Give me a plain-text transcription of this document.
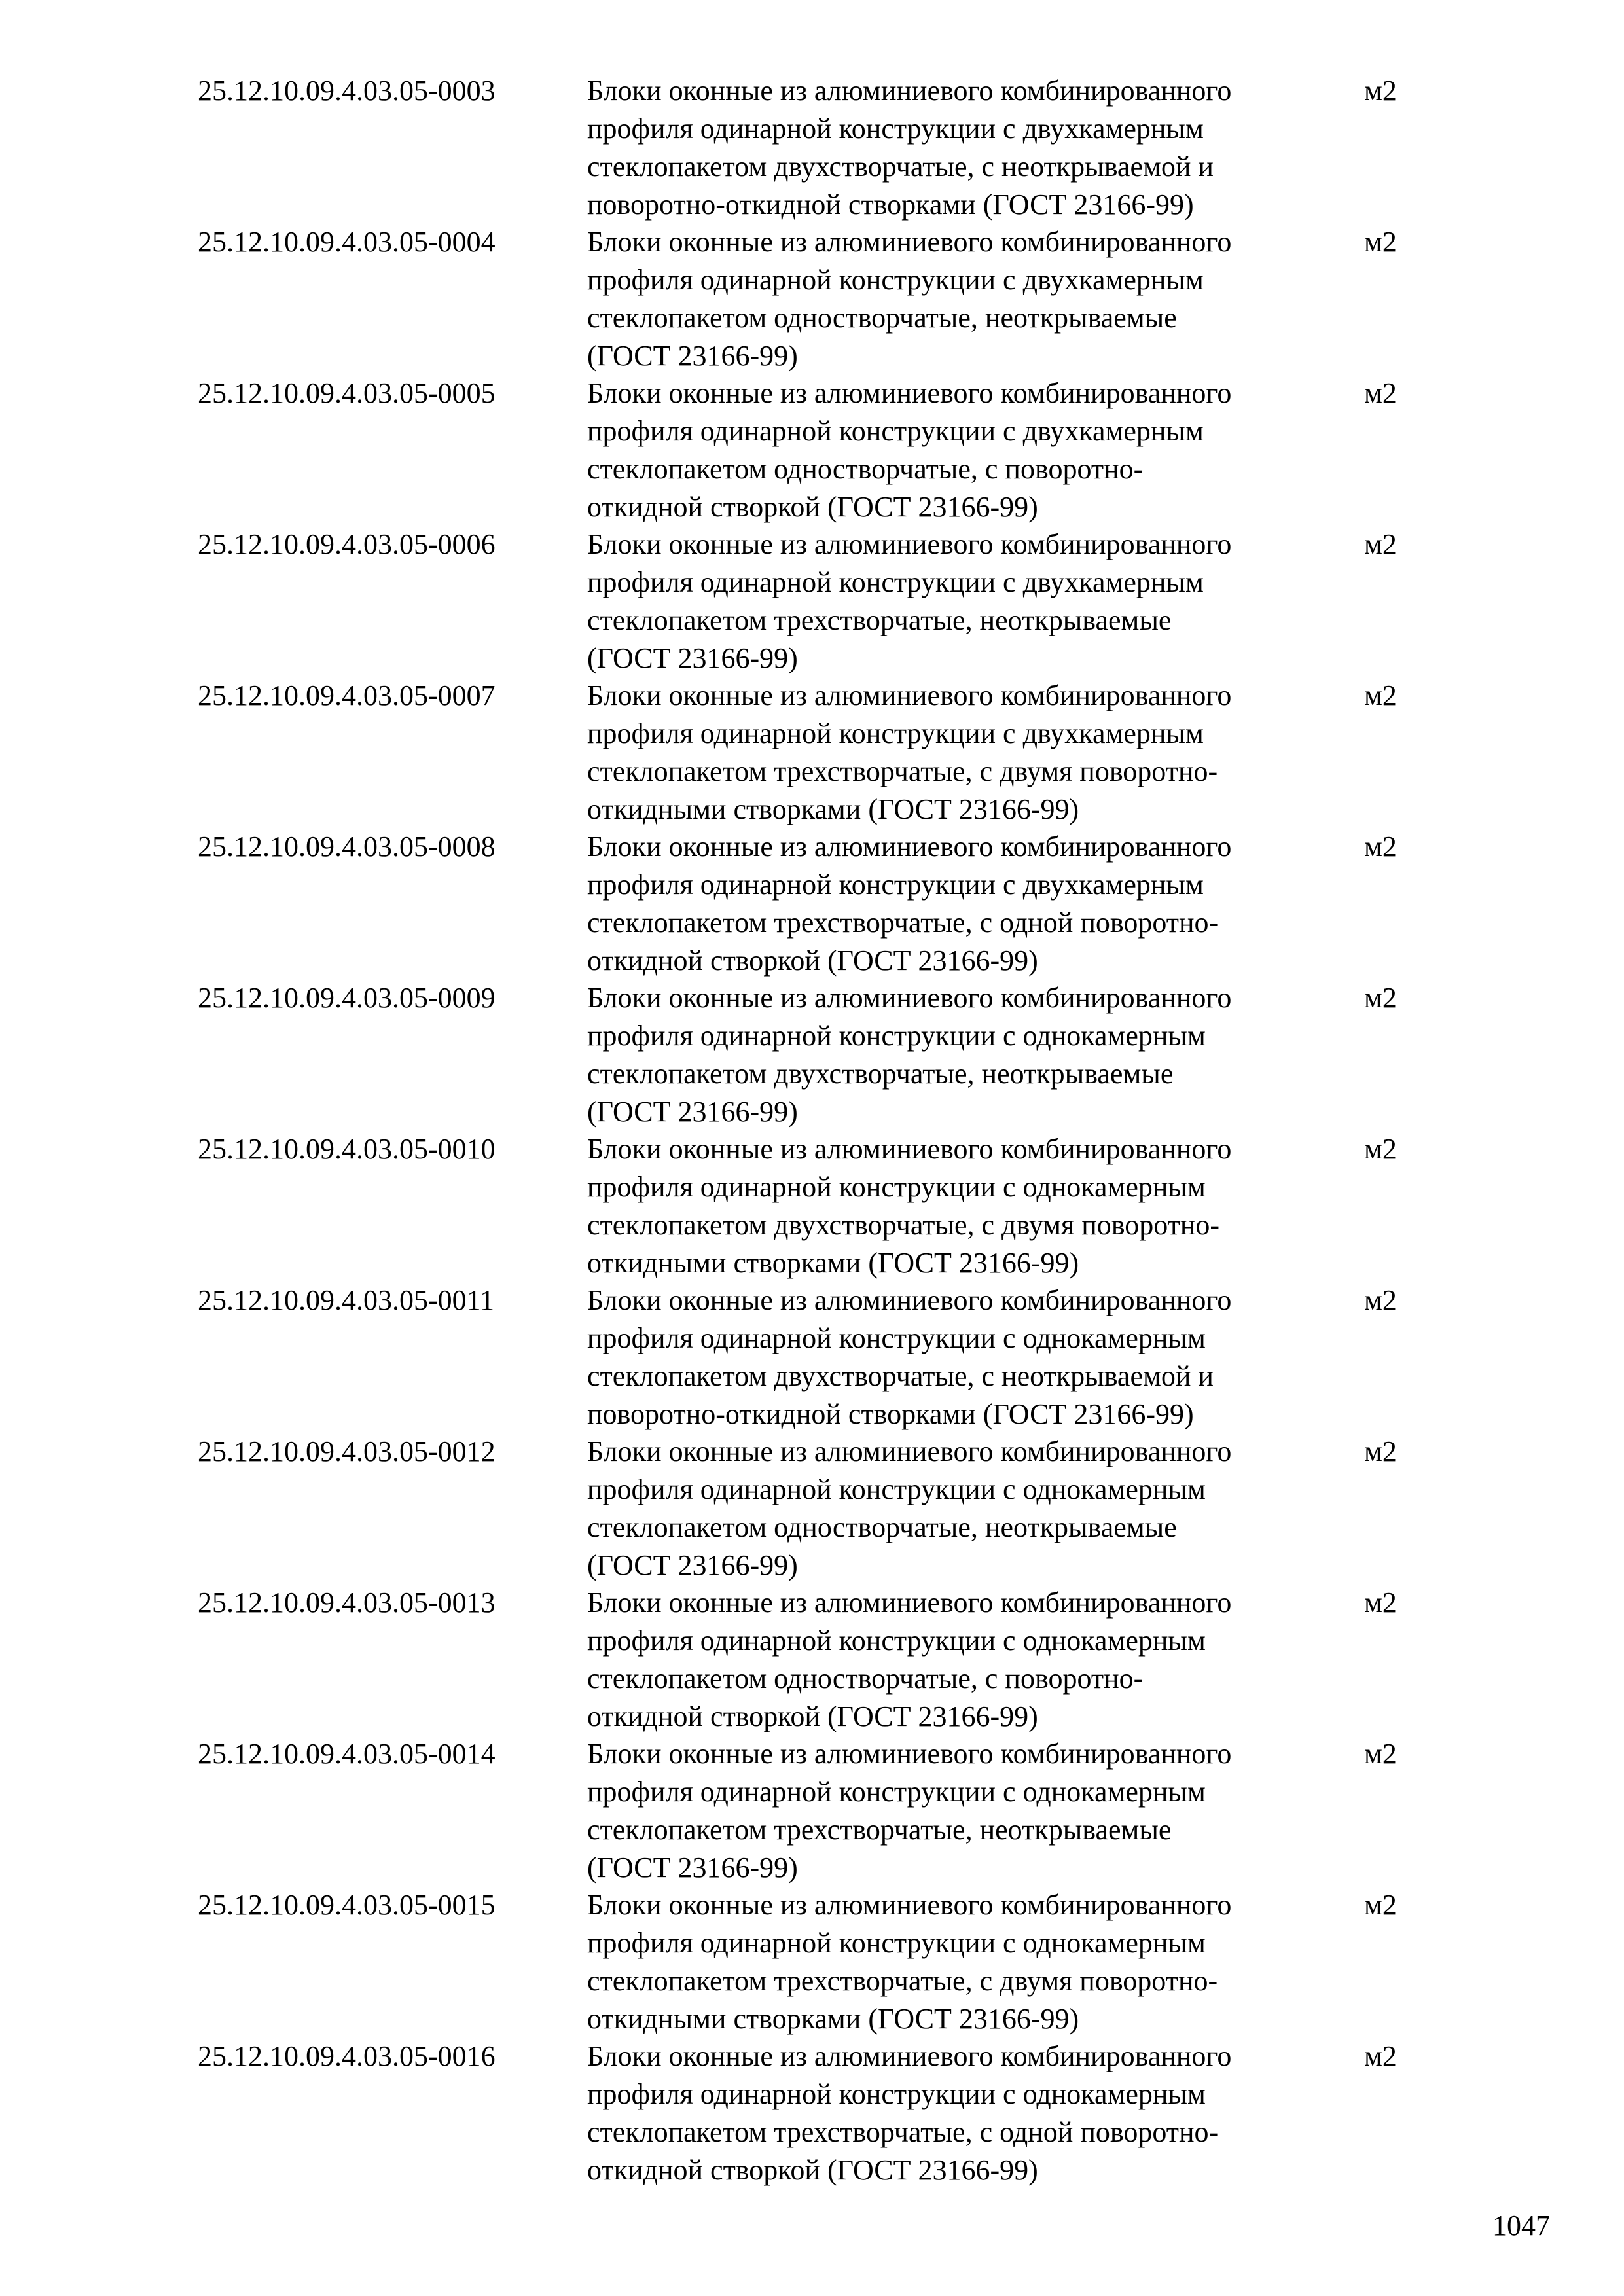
25.12.10.09.4.03.05-0003	Блоки оконные из алюминиевого комбинированного
профиля одинарной конструкции с двухкамерным
стеклопакетом двухстворчатые, с неоткрываемой и
поворотно-откидной створками (ГОСТ 23166-99)
м2
25.12.10.09.4.03.05-0004	Блоки оконные из алюминиевого комбинированного
профиля одинарной конструкции с двухкамерным
стеклопакетом одностворчатые, неоткрываемые
(ГОСТ 23166-99)
м2
25.12.10.09.4.03.05-0005	Блоки оконные из алюминиевого комбинированного
профиля одинарной конструкции с двухкамерным
стеклопакетом одностворчатые, с поворотно-
откидной створкой (ГОСТ 23166-99)
м2
25.12.10.09.4.03.05-0006	Блоки оконные из алюминиевого комбинированного
профиля одинарной конструкции с двухкамерным
стеклопакетом трехстворчатые, неоткрываемые
(ГОСТ 23166-99)
м2
25.12.10.09.4.03.05-0007	Блоки оконные из алюминиевого комбинированного
профиля одинарной конструкции с двухкамерным
стеклопакетом трехстворчатые, с двумя поворотно-
откидными створками (ГОСТ 23166-99)
м2
25.12.10.09.4.03.05-0008	Блоки оконные из алюминиевого комбинированного
профиля одинарной конструкции с двухкамерным
стеклопакетом трехстворчатые, с одной поворотно-
откидной створкой (ГОСТ 23166-99)
м2
25.12.10.09.4.03.05-0009	Блоки оконные из алюминиевого комбинированного
профиля одинарной конструкции с однокамерным
стеклопакетом двухстворчатые, неоткрываемые
(ГОСТ 23166-99)
м2
25.12.10.09.4.03.05-0010	Блоки оконные из алюминиевого комбинированного
профиля одинарной конструкции с однокамерным
стеклопакетом двухстворчатые, с двумя поворотно-
откидными створками (ГОСТ 23166-99)
м2
25.12.10.09.4.03.05-0011	Блоки оконные из алюминиевого комбинированного
профиля одинарной конструкции с однокамерным
стеклопакетом двухстворчатые, с неоткрываемой и
поворотно-откидной створками (ГОСТ 23166-99)
м2
25.12.10.09.4.03.05-0012	Блоки оконные из алюминиевого комбинированного
профиля одинарной конструкции с однокамерным
стеклопакетом одностворчатые, неоткрываемые
(ГОСТ 23166-99)
м2
25.12.10.09.4.03.05-0013	Блоки оконные из алюминиевого комбинированного
профиля одинарной конструкции с однокамерным
стеклопакетом одностворчатые, с поворотно-
откидной створкой (ГОСТ 23166-99)
м2
25.12.10.09.4.03.05-0014	Блоки оконные из алюминиевого комбинированного
профиля одинарной конструкции с однокамерным
стеклопакетом трехстворчатые, неоткрываемые
(ГОСТ 23166-99)
м2
25.12.10.09.4.03.05-0015	Блоки оконные из алюминиевого комбинированного
профиля одинарной конструкции с однокамерным
стеклопакетом трехстворчатые, с двумя поворотно-
откидными створками (ГОСТ 23166-99)
м2
25.12.10.09.4.03.05-0016	Блоки оконные из алюминиевого комбинированного
профиля одинарной конструкции с однокамерным
стеклопакетом трехстворчатые, с одной поворотно-
откидной створкой (ГОСТ 23166-99)
м2
1047
